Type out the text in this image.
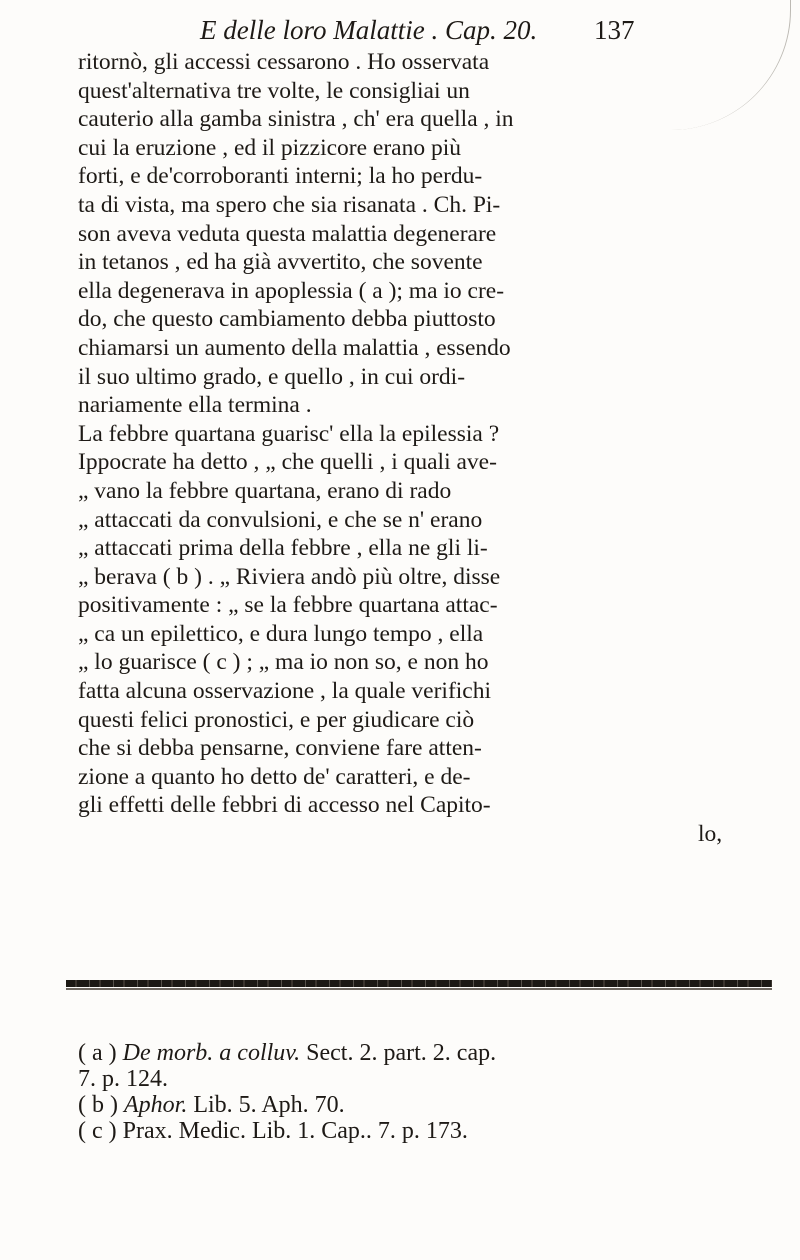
E delle loro Malattie . Cap. 20. 137
ritornò, gli accessi cessarono . Ho osservata
quest'alternativa tre volte, le consigliai un
cauterio alla gamba sinistra , ch' era quella , in
cui la eruzione , ed il pizzicore erano più
forti, e de'corroboranti interni; la ho perdu-
ta di vista, ma spero che sia risanata . Ch. Pi-
son aveva veduta questa malattia degenerare
in tetanos , ed ha già avvertito, che sovente
ella degenerava in apoplessia ( a ); ma io cre-
do, che questo cambiamento debba piuttosto
chiamarsi un aumento della malattia , essendo
il suo ultimo grado, e quello , in cui ordi-
nariamente ella termina .
La febbre quartana guarisc' ella la epilessia ?
Ippocrate ha detto , „ che quelli , i quali ave-
„ vano la febbre quartana, erano di rado
„ attaccati da convulsioni, e che se n' erano
„ attaccati prima della febbre , ella ne gli li-
„ berava ( b ) . „ Riviera andò più oltre, disse
positivamente : „ se la febbre quartana attac-
„ ca un epilettico, e dura lungo tempo , ella
„ lo guarisce ( c ) ; „ ma io non so, e non ho
fatta alcuna osservazione , la quale verifichi
questi felici pronostici, e per giudicare ciò
che si debba pensarne, conviene fare atten-
zione a quanto ho detto de' caratteri, e de-
gli effetti delle febbri di accesso nel Capito-
lo,
( a ) De morb. a colluv. Sect. 2. part. 2. cap.
7. p. 124.
( b ) Aphor. Lib. 5. Aph. 70.
( c ) Prax. Medic. Lib. 1. Cap.. 7. p. 173.
